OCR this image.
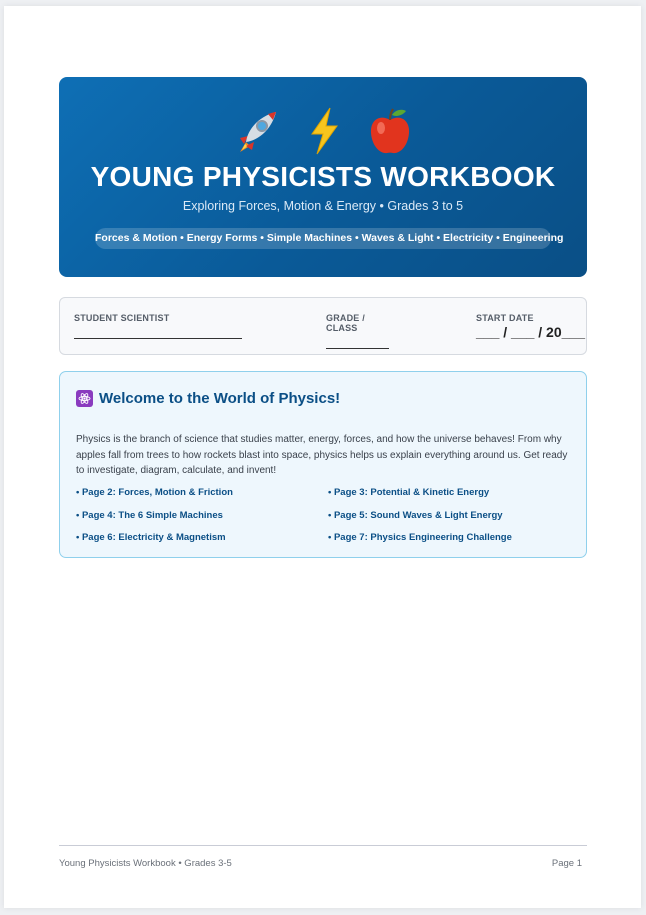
YOUNG PHYSICISTS WORKBOOK
Exploring Forces, Motion & Energy • Grades 3 to 5
Forces & Motion • Energy Forms • Simple Machines • Waves & Light • Electricity • Engineering
STUDENT SCIENTIST	GRADE / CLASS
START DATE
___ / ___ / 20___
Welcome to the World of Physics!
Physics is the branch of science that studies matter, energy, forces, and how the universe behaves! From why apples fall from trees to how rockets blast into space, physics helps us explain everything around us. Get ready to investigate, diagram, calculate, and invent!
• Page 2: Forces, Motion & Friction	• Page 3: Potential & Kinetic Energy
• Page 4: The 6 Simple Machines	• Page 5: Sound Waves & Light Energy
• Page 6: Electricity & Magnetism	• Page 7: Physics Engineering Challenge
Young Physicists Workbook • Grades 3-5	Page 1
